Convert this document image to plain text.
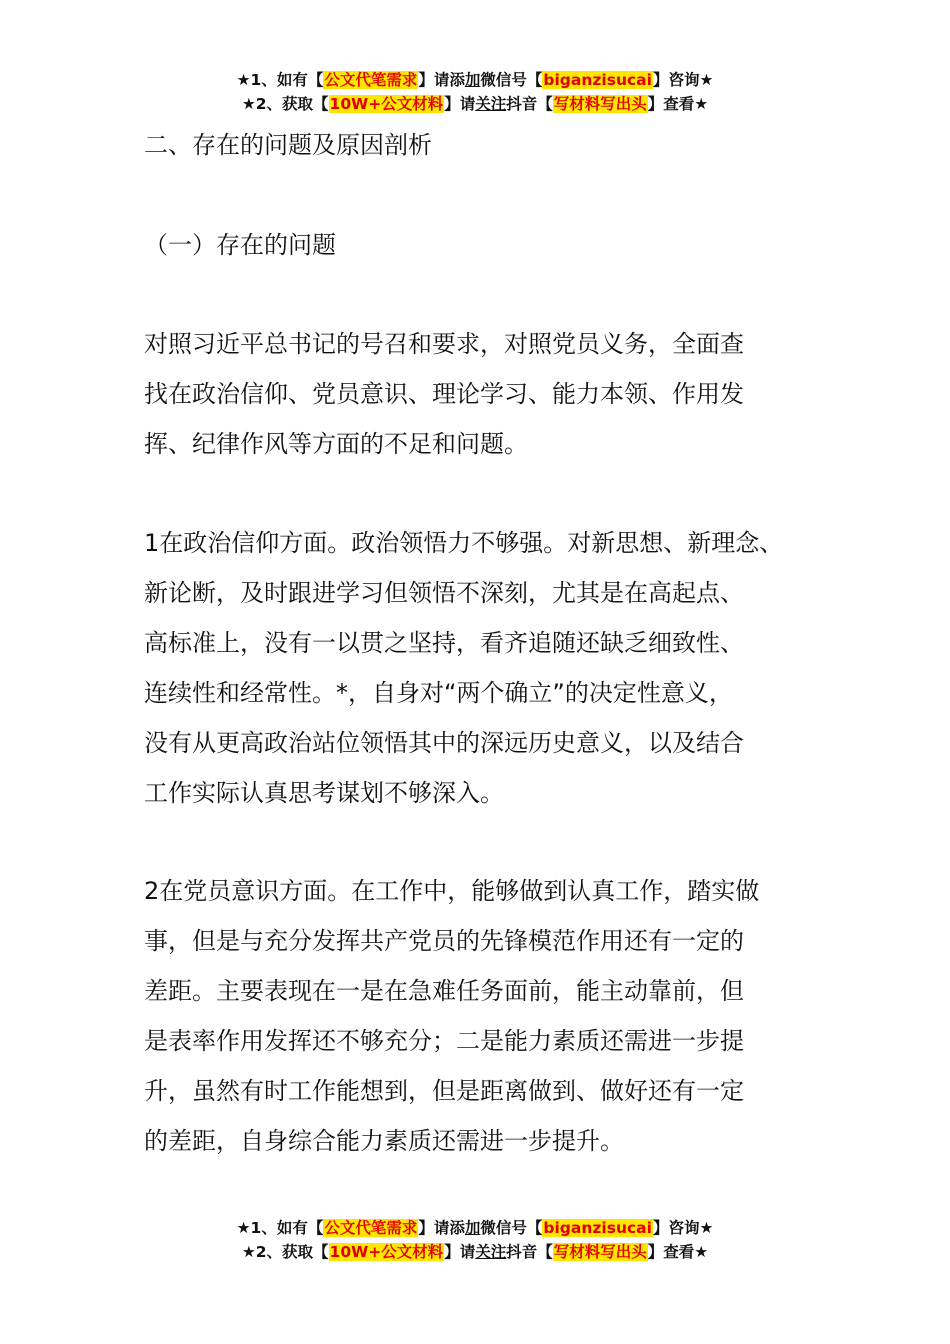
★1、如有【公文代笔需求】请添加微信号【biganzisucai】咨询★
★2、获取【10W+公文材料】请关注抖音【写材料写出头】查看★
二、存在的问题及原因剖析
（一）存在的问题
对照习近平总书记的号召和要求，对照党员义务，全面查
找在政治信仰、党员意识、理论学习、能力本领、作用发
挥、纪律作风等方面的不足和问题。
1在政治信仰方面。政治领悟力不够强。对新思想、新理念、
新论断，及时跟进学习但领悟不深刻，尤其是在高起点、
高标准上，没有一以贯之坚持，看齐追随还缺乏细致性、
连续性和经常性。*，自身对“两个确立”的决定性意义，
没有从更高政治站位领悟其中的深远历史意义，以及结合
工作实际认真思考谋划不够深入。
2在党员意识方面。在工作中，能够做到认真工作，踏实做
事，但是与充分发挥共产党员的先锋模范作用还有一定的
差距。主要表现在一是在急难任务面前，能主动靠前，但
是表率作用发挥还不够充分；二是能力素质还需进一步提
升，虽然有时工作能想到，但是距离做到、做好还有一定
的差距，自身综合能力素质还需进一步提升。
★1、如有【公文代笔需求】请添加微信号【biganzisucai】咨询★
★2、获取【10W+公文材料】请关注抖音【写材料写出头】查看★
